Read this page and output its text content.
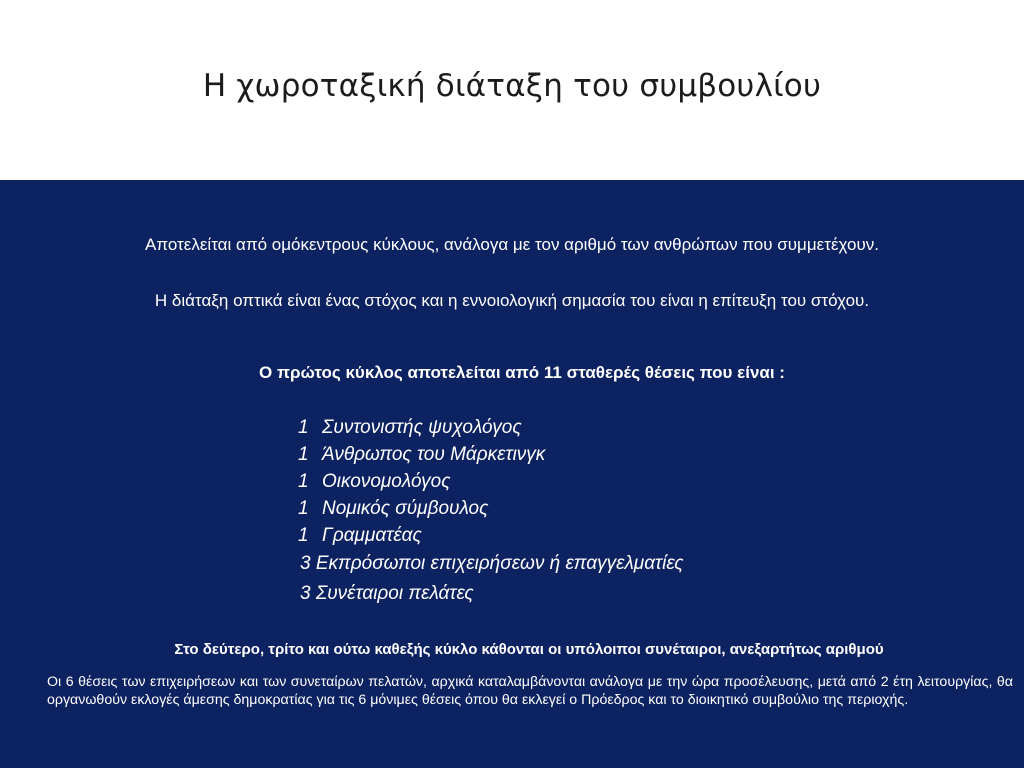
Η χωροταξική διάταξη του συμβουλίου
Αποτελείται από ομόκεντρους κύκλους, ανάλογα με τον αριθμό των ανθρώπων που συμμετέχουν.
Η διάταξη οπτικά είναι ένας στόχος και η εννοιολογική σημασία του είναι η επίτευξη του στόχου.
Ο πρώτος κύκλος αποτελείται από 11 σταθερές θέσεις που είναι :
1 Συντονιστής ψυχολόγος
1 Άνθρωπος του Μάρκετινγκ
1 Οικονομολόγος
1 Νομικός σύμβουλος
1 Γραμματέας
3 Εκπρόσωποι επιχειρήσεων ή επαγγελματίες
3 Συνέταιροι πελάτες
Στο δεύτερο, τρίτο και ούτω καθεξής κύκλο κάθονται οι υπόλοιποι συνέταιροι, ανεξαρτήτως αριθμού
Οι 6 θέσεις των επιχειρήσεων και των συνεταίρων πελατών, αρχικά καταλαμβάνονται ανάλογα με την ώρα προσέλευσης, μετά από 2 έτη λειτουργίας, θα οργανωθούν εκλογές άμεσης δημοκρατίας για τις 6 μόνιμες θέσεις όπου θα εκλεγεί ο Πρόεδρος και το διοικητικό συμβούλιο της περιοχής.
